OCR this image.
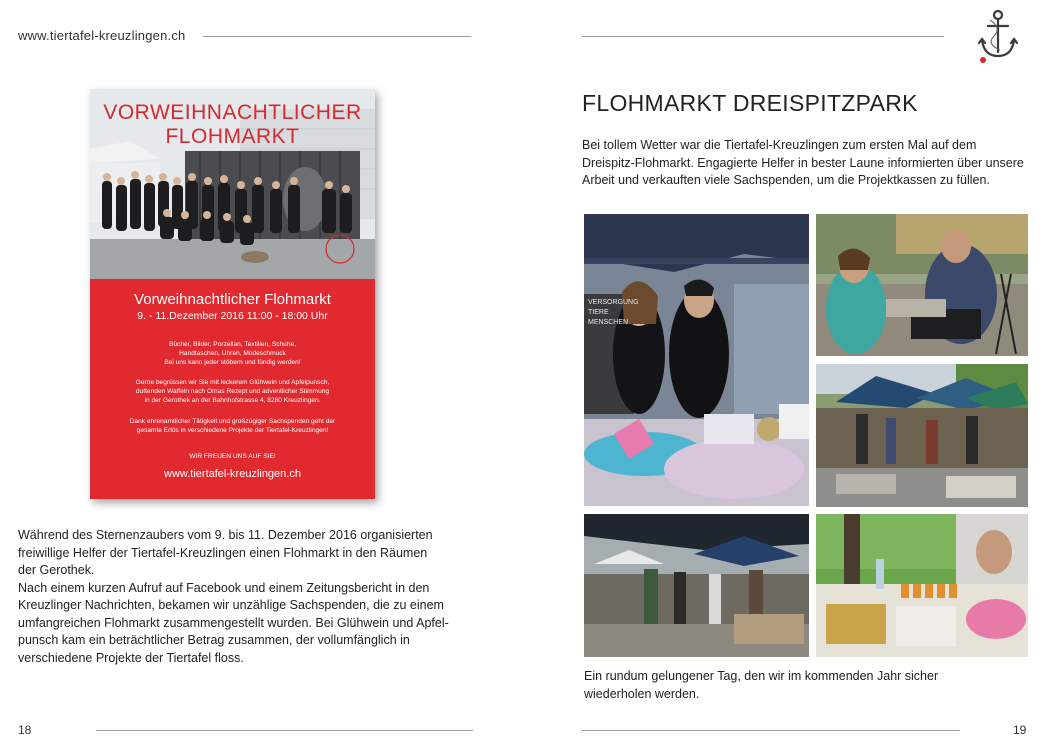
www.tiertafel-kreuzlingen.ch
VORWEIHNACHTLICHER
FLOHMARKT
Vorweihnachtlicher Flohmarkt
9. - 11.Dezember 2016 11:00 - 18:00 Uhr
Bücher, Bilder, Porzellan, Textilien, Schuhe,
Handtaschen, Uhren, Modeschmuck
Bei uns kann jeder stöbern und fündig werden!
Gerne begrüssen wir Sie mit leckerem Glühwein und Apfelpunsch,
duftenden Waffeln nach Omas Rezept und adventlicher Stimmung
in der Gerothek an der Bahnhofstrasse 4, 8280 Kreuzlingen.
Dank ehrenamtlicher Tätigkeit und großzügiger Sachspenden geht der
gesamte Erlös in verschiedene Projekte der Tiertafel-Kreuzlingen!
WIR FREUEN UNS AUF SIE!
www.tiertafel-kreuzlingen.ch
Während des Sternenzaubers vom 9. bis 11. Dezember 2016 organisierten
freiwillige Helfer der Tiertafel-Kreuzlingen einen Flohmarkt in den Räumen
der Gerothek.
Nach einem kurzen Aufruf auf Facebook und einem Zeitungsbericht in den
Kreuzlinger Nachrichten, bekamen wir unzählige Sachspenden, die zu einem
umfangreichen Flohmarkt zusammengestellt wurden. Bei Glühwein und Apfel-
punsch kam ein beträchtlicher Betrag zusammen, der vollumfänglich in
verschiedene Projekte der Tiertafel floss.
18
FLOHMARKT DREISPITZPARK
Bei tollem Wetter war die Tiertafel-Kreuzlingen zum ersten Mal auf dem
Dreispitz-Flohmarkt. Engagierte Helfer in bester Laune informierten über unsere
Arbeit und verkauften viele Sachspenden, um die Projektkassen zu füllen.
VERSORGUNG
TIERE
MENSCHEN
Ein rundum gelungener Tag, den wir im kommenden Jahr sicher
wiederholen werden.
19
